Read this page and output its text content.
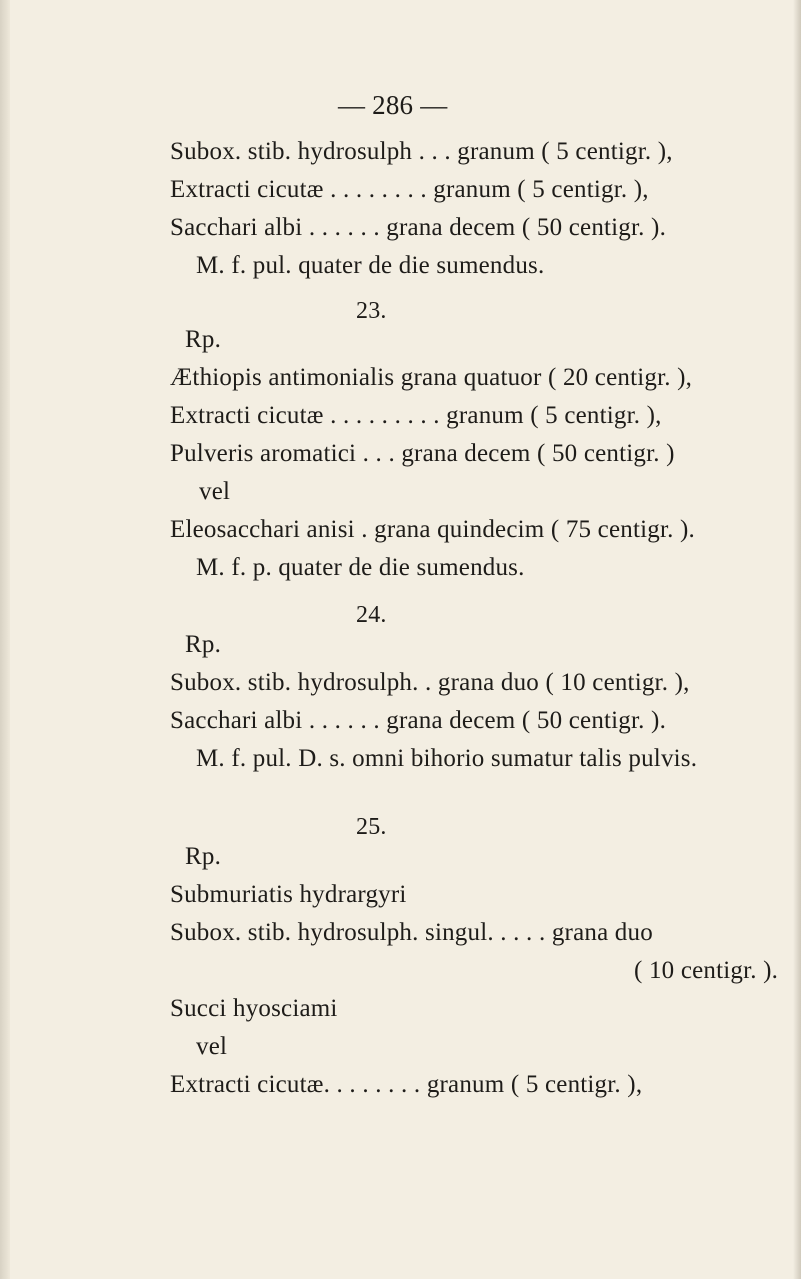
— 286 —
Subox. stib. hydrosulph . . . granum ( 5 centigr. ),
Extracti cicutæ . . . . . . . . granum ( 5 centigr. ),
Sacchari albi . . . . . . grana decem ( 50 centigr. ).
M. f. pul. quater de die sumendus.
23.
Rp.
Æthiopis antimonialis grana quatuor ( 20 centigr. ),
Extracti cicutæ . . . . . . . . . granum ( 5 centigr. ),
Pulveris aromatici . . . grana decem ( 50 centigr. )
vel
Eleosacchari anisi . grana quindecim ( 75 centigr. ).
M. f. p. quater de die sumendus.
24.
Rp.
Subox. stib. hydrosulph. . grana duo ( 10 centigr. ),
Sacchari albi . . . . . . grana decem ( 50 centigr. ).
M. f. pul. D. s. omni bihorio sumatur talis pulvis.
25.
Rp.
Submuriatis hydrargyri
Subox. stib. hydrosulph. singul. . . . . grana duo
( 10 centigr. ).
Succi hyosciami
vel
Extracti cicutæ. . . . . . . . granum ( 5 centigr. ),
